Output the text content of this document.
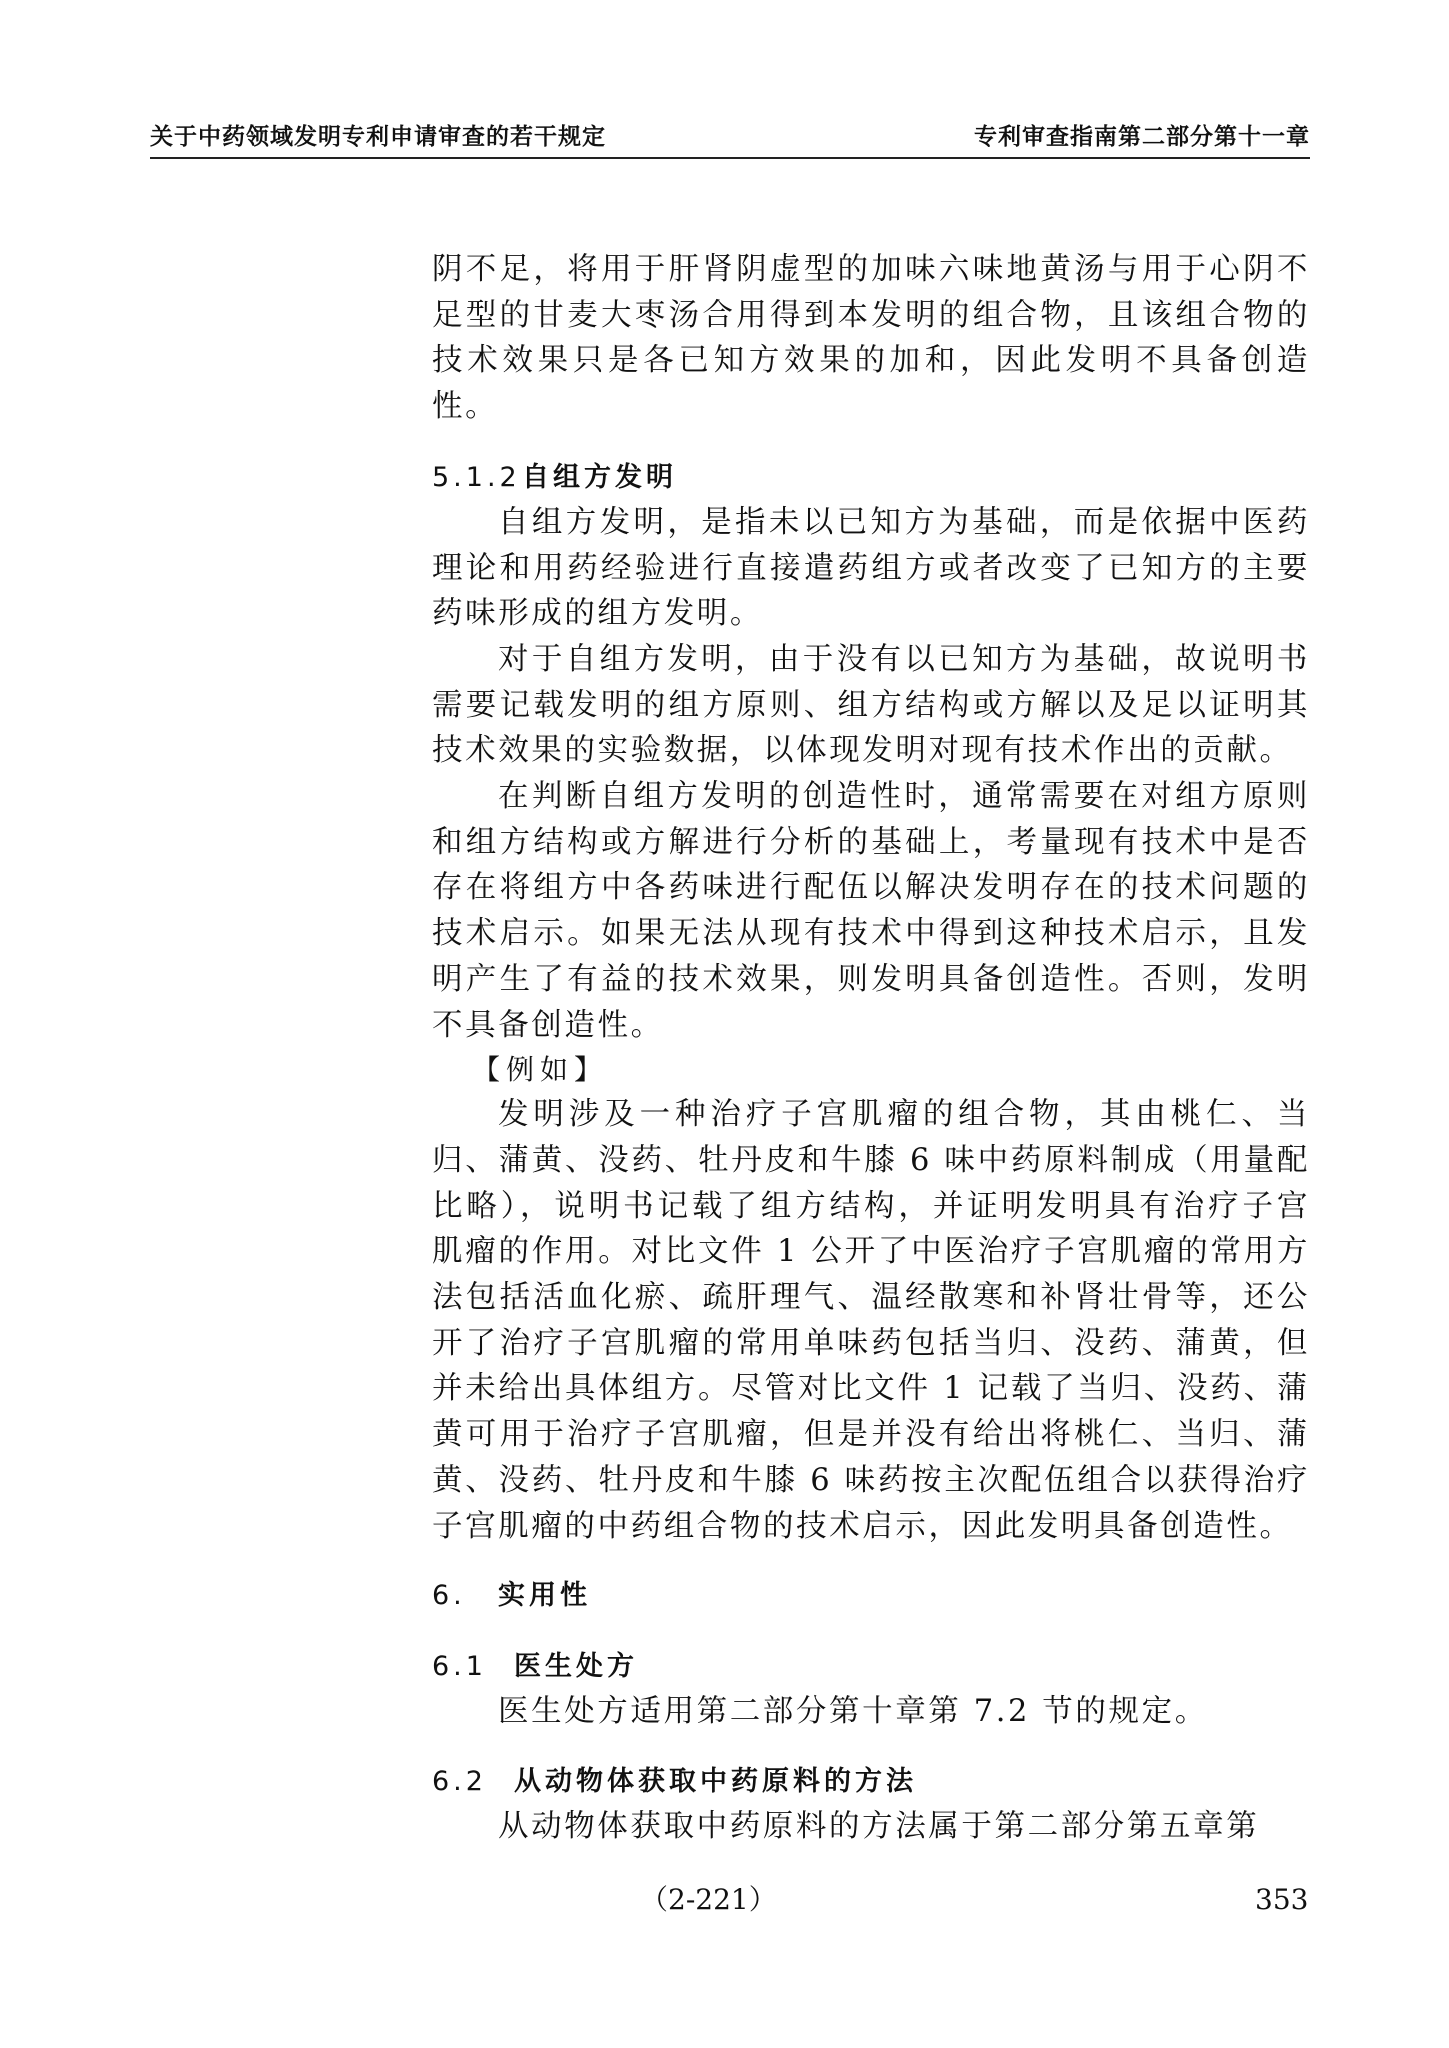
关于中药领域发明专利申请审查的若干规定	专利审查指南第二部分第十一章

阴不足，将用于肝肾阴虚型的加味六味地黄汤与用于心阴不足型的甘麦大枣汤合用得到本发明的组合物，且该组合物的技术效果只是各已知方效果的加和，因此发明不具备创造性。

5.1.2自组方发明

自组方发明，是指未以已知方为基础，而是依据中医药理论和用药经验进行直接遣药组方或者改变了已知方的主要药味形成的组方发明。

对于自组方发明，由于没有以已知方为基础，故说明书需要记载发明的组方原则、组方结构或方解以及足以证明其技术效果的实验数据，以体现发明对现有技术作出的贡献。

在判断自组方发明的创造性时，通常需要在对组方原则和组方结构或方解进行分析的基础上，考量现有技术中是否存在将组方中各药味进行配伍以解决发明存在的技术问题的技术启示。如果无法从现有技术中得到这种技术启示，且发明产生了有益的技术效果，则发明具备创造性。否则，发明不具备创造性。

【例如】

发明涉及一种治疗子宫肌瘤的组合物，其由桃仁、当归、蒲黄、没药、牡丹皮和牛膝 6 味中药原料制成（用量配比略），说明书记载了组方结构，并证明发明具有治疗子宫肌瘤的作用。对比文件 1 公开了中医治疗子宫肌瘤的常用方法包括活血化瘀、疏肝理气、温经散寒和补肾壮骨等，还公开了治疗子宫肌瘤的常用单味药包括当归、没药、蒲黄，但并未给出具体组方。尽管对比文件 1 记载了当归、没药、蒲黄可用于治疗子宫肌瘤，但是并没有给出将桃仁、当归、蒲黄、没药、牡丹皮和牛膝 6 味药按主次配伍组合以获得治疗子宫肌瘤的中药组合物的技术启示，因此发明具备创造性。

6. 实用性

6.1 医生处方

医生处方适用第二部分第十章第 7.2 节的规定。

6.2 从动物体获取中药原料的方法

从动物体获取中药原料的方法属于第二部分第五章第

（2-221）	353
